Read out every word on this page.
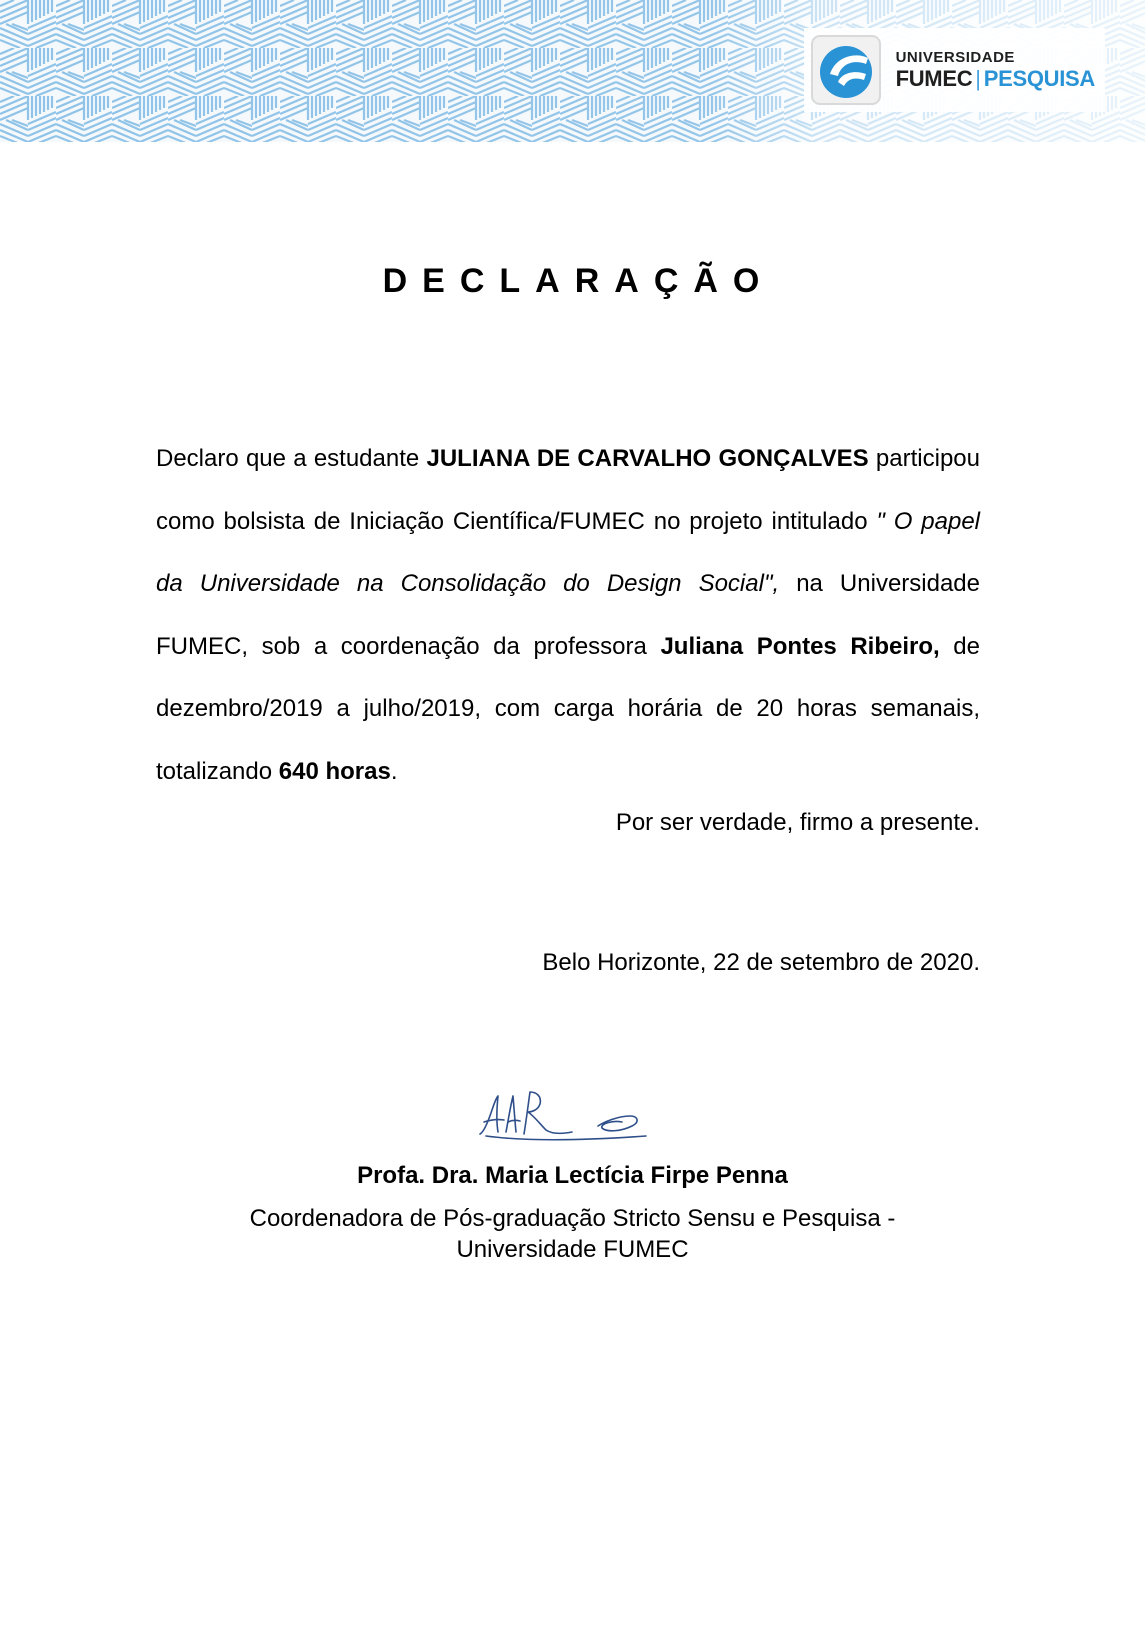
UNIVERSIDADE
FUMEC | PESQUISA
DECLARAÇÃO
Declaro que a estudante JULIANA DE CARVALHO GONÇALVES participou como bolsista de Iniciação Científica/FUMEC no projeto intitulado " O papel da Universidade na Consolidação do Design Social", na Universidade FUMEC, sob a coordenação da professora Juliana Pontes Ribeiro, de dezembro/2019 a julho/2019, com carga horária de 20 horas semanais, totalizando 640 horas.
Por ser verdade, firmo a presente.
Belo Horizonte, 22 de setembro de 2020.
Profa. Dra. Maria Lectícia Firpe Penna
Coordenadora de Pós-graduação Stricto Sensu e Pesquisa -
Universidade FUMEC
